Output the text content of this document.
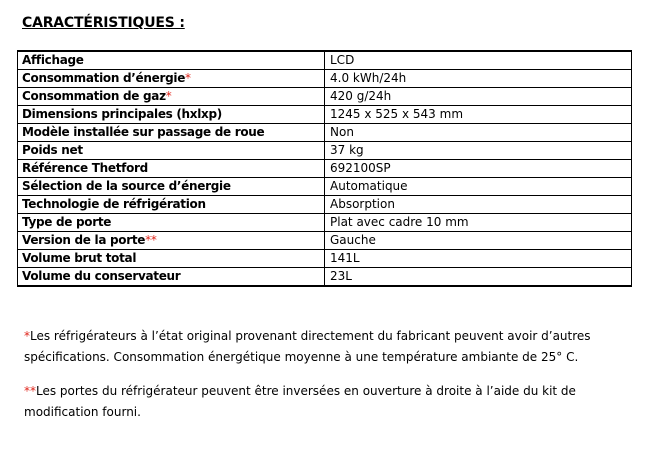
CARACTÉRISTIQUES :
Affichage	LCD
Consommation d’énergie*	4.0 kWh/24h
Consommation de gaz*	420 g/24h
Dimensions principales (hxlxp)	1245 x 525 x 543 mm
Modèle installée sur passage de roue	Non
Poids net	37 kg
Référence Thetford	692100SP
Sélection de la source d’énergie	Automatique
Technologie de réfrigération	Absorption
Type de porte	Plat avec cadre 10 mm
Version de la porte**	Gauche
Volume brut total	141L
Volume du conservateur	23L
*Les réfrigérateurs à l’état original provenant directement du fabricant peuvent avoir d’autres
spécifications. Consommation énergétique moyenne à une température ambiante de 25° C.
**Les portes du réfrigérateur peuvent être inversées en ouverture à droite à l’aide du kit de
modification fourni.
